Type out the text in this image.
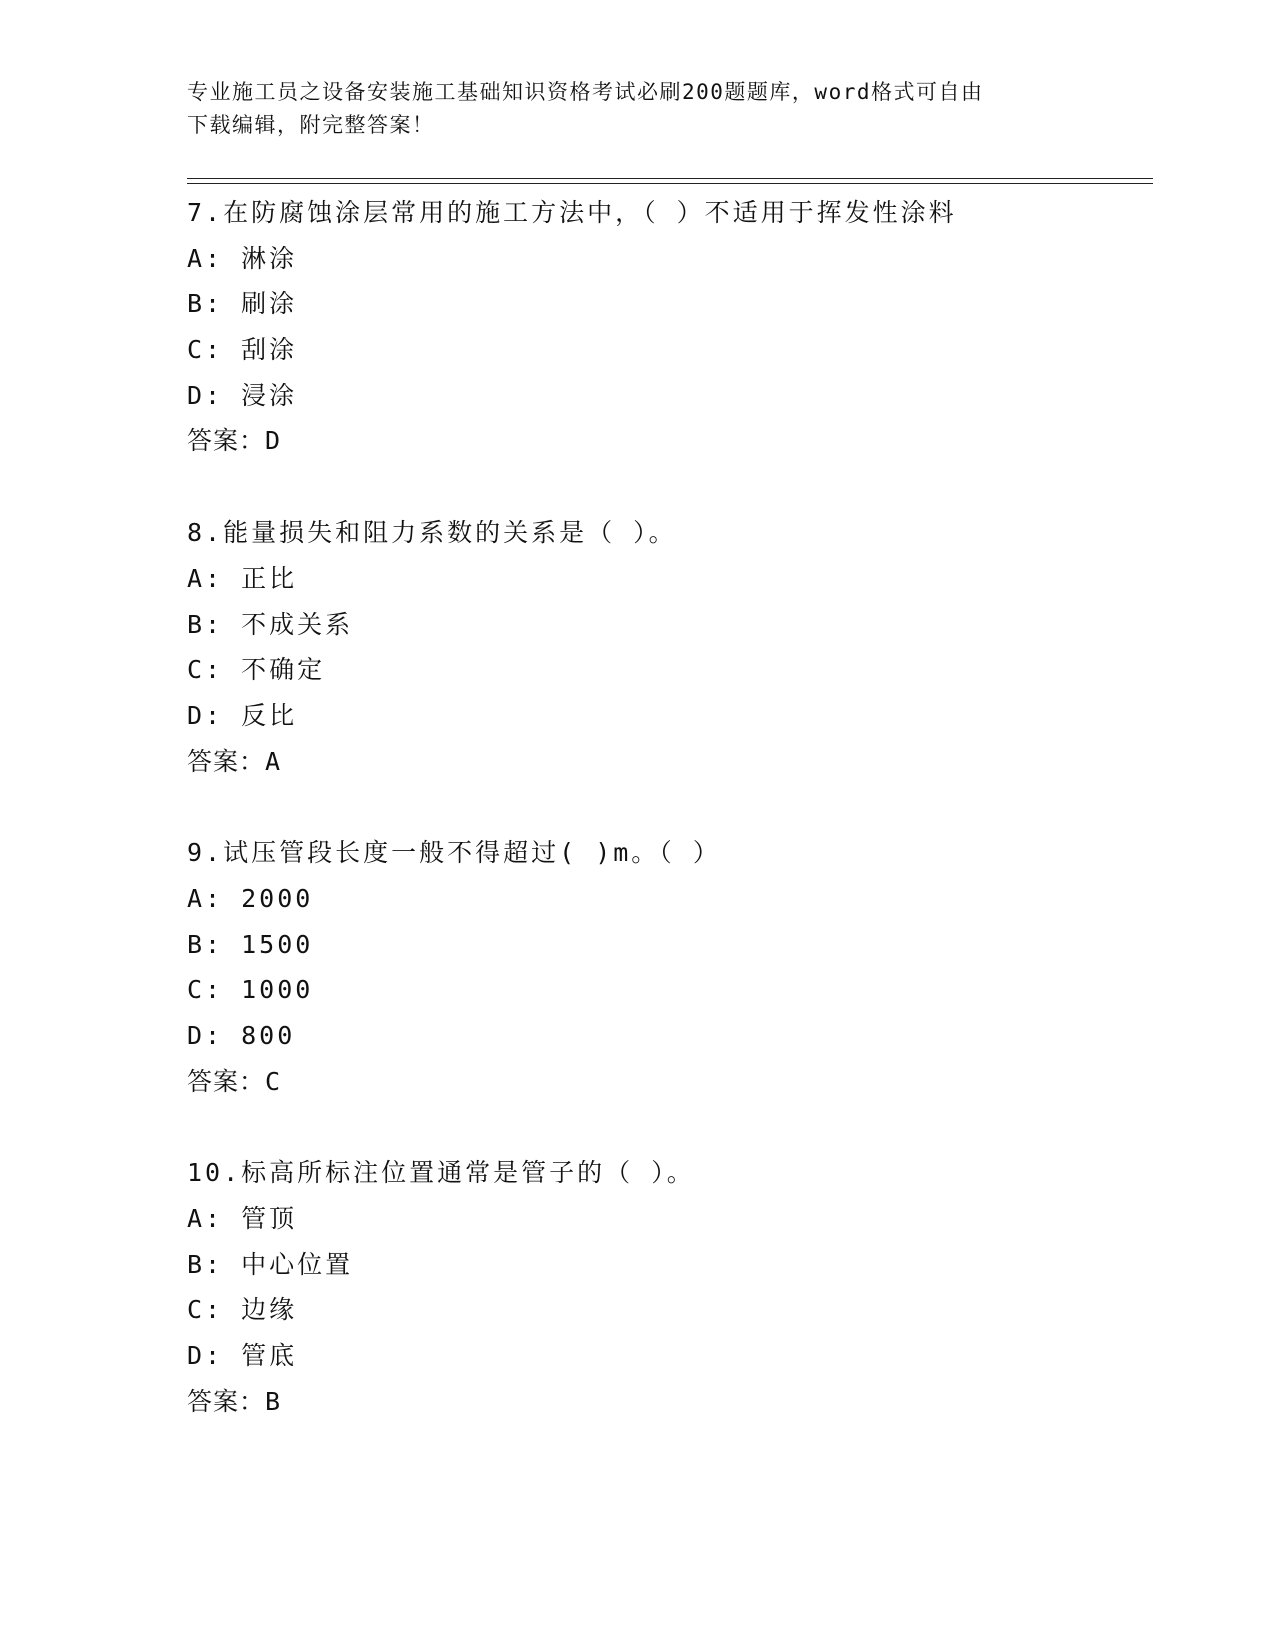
专业施工员之设备安装施工基础知识资格考试必刷200题题库，word格式可自由
下载编辑，附完整答案！
7.在防腐蚀涂层常用的施工方法中，（ ）不适用于挥发性涂料
A: 淋涂
B: 刷涂
C: 刮涂
D: 浸涂
答案：D
8.能量损失和阻力系数的关系是（ ）。
A: 正比
B: 不成关系
C: 不确定
D: 反比
答案：A
9.试压管段长度一般不得超过( )m。（ ）
A: 2000
B: 1500
C: 1000
D: 800
答案：C
10.标高所标注位置通常是管子的（ ）。
A: 管顶
B: 中心位置
C: 边缘
D: 管底
答案：B
